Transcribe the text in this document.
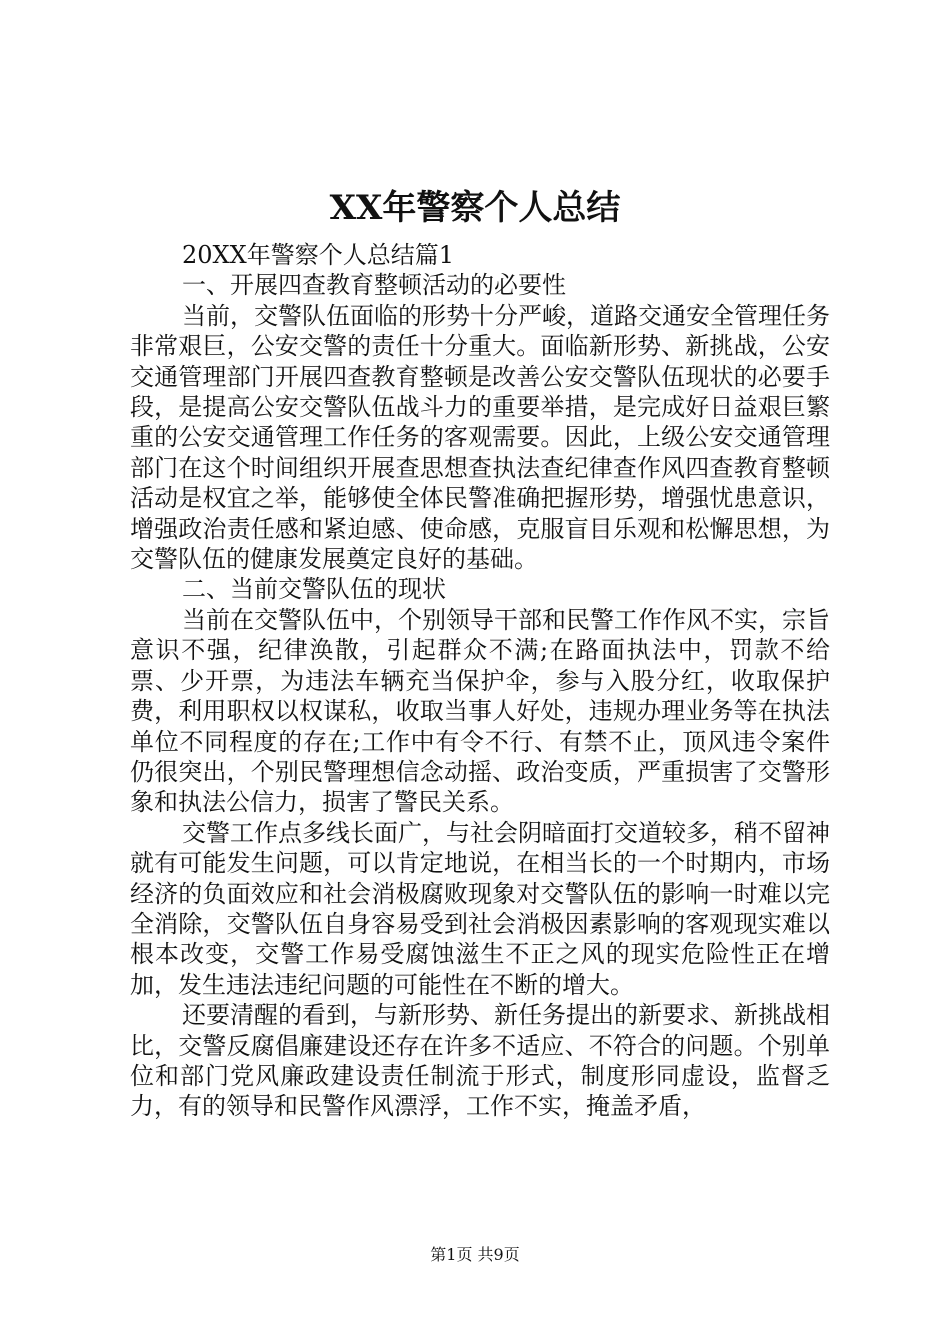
XX年警察个人总结

20XX年警察个人总结篇1

一、开展四查教育整顿活动的必要性

当前，交警队伍面临的形势十分严峻，道路交通安全管理任务非常艰巨，公安交警的责任十分重大。面临新形势、新挑战，公安交通管理部门开展四查教育整顿是改善公安交警队伍现状的必要手段，是提高公安交警队伍战斗力的重要举措，是完成好日益艰巨繁重的公安交通管理工作任务的客观需要。因此，上级公安交通管理部门在这个时间组织开展查思想查执法查纪律查作风四查教育整顿活动是权宜之举，能够使全体民警准确把握形势，增强忧患意识，增强政治责任感和紧迫感、使命感，克服盲目乐观和松懈思想，为交警队伍的健康发展奠定良好的基础。

二、当前交警队伍的现状

当前在交警队伍中，个别领导干部和民警工作作风不实，宗旨意识不强，纪律涣散，引起群众不满;在路面执法中，罚款不给票、少开票，为违法车辆充当保护伞，参与入股分红，收取保护费，利用职权以权谋私，收取当事人好处，违规办理业务等在执法单位不同程度的存在;工作中有令不行、有禁不止，顶风违令案件仍很突出，个别民警理想信念动摇、政治变质，严重损害了交警形象和执法公信力，损害了警民关系。

交警工作点多线长面广，与社会阴暗面打交道较多，稍不留神就有可能发生问题，可以肯定地说，在相当长的一个时期内，市场经济的负面效应和社会消极腐败现象对交警队伍的影响一时难以完全消除，交警队伍自身容易受到社会消极因素影响的客观现实难以根本改变，交警工作易受腐蚀滋生不正之风的现实危险性正在增加，发生违法违纪问题的可能性在不断的增大。

还要清醒的看到，与新形势、新任务提出的新要求、新挑战相比，交警反腐倡廉建设还存在许多不适应、不符合的问题。个别单位和部门党风廉政建设责任制流于形式，制度形同虚设，监督乏力，有的领导和民警作风漂浮，工作不实，掩盖矛盾，

第1页 共9页
